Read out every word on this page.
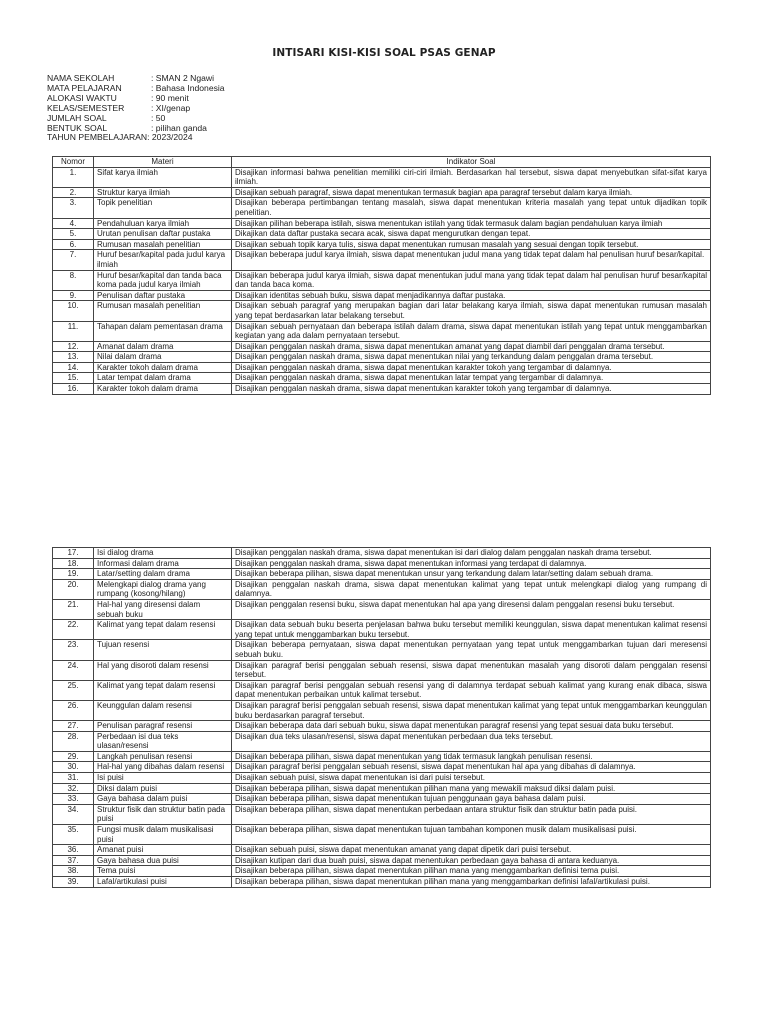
INTISARI KISI-KISI SOAL PSAS GENAP
NAMA SEKOLAH	: SMAN 2 Ngawi
MATA PELAJARAN	: Bahasa Indonesia
ALOKASI WAKTU	: 90 menit
KELAS/SEMESTER	: XI/genap
JUMLAH SOAL	: 50
BENTUK SOAL	: pilihan ganda
TAHUN PEMBELAJARAN: 2023/2024
Nomor	Materi	Indikator Soal
1.	Sifat karya ilmiah	Disajikan informasi bahwa penelitian memiliki ciri-ciri ilmiah. Berdasarkan hal tersebut, siswa dapat menyebutkan sifat-sifat karya ilmiah.
2.	Struktur karya ilmiah	Disajikan sebuah paragraf, siswa dapat menentukan termasuk bagian apa paragraf tersebut dalam karya ilmiah.
3.	Topik penelitian	Disajikan beberapa pertimbangan tentang masalah, siswa dapat menentukan kriteria masalah yang tepat untuk dijadikan topik penelitian.
4.	Pendahuluan karya ilmiah	Disajikan pilihan beberapa istilah, siswa menentukan istilah yang tidak termasuk dalam bagian pendahuluan karya ilmiah
5.	Urutan penulisan daftar pustaka	Dikajikan data daftar pustaka secara acak, siswa dapat mengurutkan dengan tepat.
6.	Rumusan masalah penelitian	Disajikan sebuah topik karya tulis, siswa dapat menentukan rumusan masalah yang sesuai dengan topik tersebut.
7.	Huruf besar/kapital pada judul karya ilmiah	Disajikan beberapa judul karya ilmiah, siswa dapat menentukan judul mana yang tidak tepat dalam hal penulisan huruf besar/kapital.
8.	Huruf besar/kapital dan tanda baca koma pada judul karya ilmiah	Disajikan beberapa judul karya ilmiah, siswa dapat menentukan judul mana yang tidak tepat dalam hal penulisan huruf besar/kapital dan tanda baca koma.
9.	Penulisan daftar pustaka	Disajikan identitas sebuah buku, siswa dapat menjadikannya daftar pustaka.
10.	Rumusan masalah penelitian	Disajikan sebuah paragraf yang merupakan bagian dari latar belakang karya ilmiah, siswa dapat menentukan rumusan masalah yang tepat berdasarkan latar belakang tersebut.
11.	Tahapan dalam pementasan drama	Disajikan sebuah pernyataan dan beberapa istilah dalam drama, siswa dapat menentukan istilah yang tepat untuk menggambarkan kegiatan yang ada dalam pernyataan tersebut.
12.	Amanat dalam drama	Disajikan penggalan naskah drama, siswa dapat menentukan amanat yang dapat diambil dari penggalan drama tersebut.
13.	Nilai dalam drama	Disajikan penggalan naskah drama, siswa dapat menentukan nilai yang terkandung dalam penggalan drama tersebut.
14.	Karakter tokoh dalam drama	Disajikan penggalan naskah drama, siswa dapat menentukan karakter tokoh yang tergambar di dalamnya.
15.	Latar tempat dalam drama	Disajikan penggalan naskah drama, siswa dapat menentukan latar tempat yang tergambar di dalamnya.
16.	Karakter tokoh dalam drama	Disajikan penggalan naskah drama, siswa dapat menentukan karakter tokoh yang tergambar di dalamnya.
17.	Isi dialog drama	Disajikan penggalan naskah drama, siswa dapat menentukan isi dari dialog dalam penggalan naskah drama tersebut.
18.	Informasi dalam drama	Disajikan penggalan naskah drama, siswa dapat menentukan informasi yang terdapat di dalamnya.
19.	Latar/setting dalam drama	Disajikan beberapa pilihan, siswa dapat menentukan unsur yang terkandung dalam latar/setting dalam sebuah drama.
20.	Melengkapi dialog drama yang rumpang (kosong/hilang)	Disajikan penggalan naskah drama, siswa dapat menentukan kalimat yang tepat untuk melengkapi dialog yang rumpang di dalamnya.
21.	Hal-hal yang diresensi dalam sebuah buku	Disajikan penggalan resensi buku, siswa dapat menentukan hal apa yang diresensi dalam penggalan resensi buku tersebut.
22.	Kalimat yang tepat dalam resensi	Disajikan data sebuah buku beserta penjelasan bahwa buku tersebut memiliki keunggulan, siswa dapat menentukan kalimat resensi yang tepat untuk menggambarkan buku tersebut.
23.	Tujuan resensi	Disajikan beberapa pernyataan, siswa dapat menentukan pernyataan yang tepat untuk menggambarkan tujuan dari meresensi sebuah buku.
24.	Hal yang disoroti dalam resensi	Disajikan paragraf berisi penggalan sebuah resensi, siswa dapat menentukan masalah yang disoroti dalam penggalan resensi tersebut.
25.	Kalimat yang tepat dalam resensi	Disajikan paragraf berisi penggalan sebuah resensi yang di dalamnya terdapat sebuah kalimat yang kurang enak dibaca, siswa dapat menentukan perbaikan untuk kalimat tersebut.
26.	Keunggulan dalam resensi	Disajikan paragraf berisi penggalan sebuah resensi, siswa dapat menentukan kalimat yang tepat untuk menggambarkan keunggulan buku berdasarkan paragraf tersebut.
27.	Penulisan paragraf resensi	Disajikan beberapa data dari sebuah buku, siswa dapat menentukan paragraf resensi yang tepat sesuai data buku tersebut.
28.	Perbedaan isi dua teks ulasan/resensi	Disajikan dua teks ulasan/resensi, siswa dapat menentukan perbedaan dua teks tersebut.
29.	Langkah penulisan resensi	Disajikan beberapa pilihan, siswa dapat menentukan yang tidak termasuk langkah penulisan resensi.
30.	Hal-hal yang dibahas dalam resensi	Disajikan paragraf berisi penggalan sebuah resensi, siswa dapat menentukan hal apa yang dibahas di dalamnya.
31.	Isi puisi	Disajikan sebuah puisi, siswa dapat menentukan isi dari puisi tersebut.
32.	Diksi dalam puisi	Disajikan beberapa pilihan, siswa dapat menentukan pilihan mana yang mewakili maksud diksi dalam puisi.
33.	Gaya bahasa dalam puisi	Disajikan beberapa pilihan, siswa dapat menentukan tujuan penggunaan gaya bahasa dalam puisi.
34.	Struktur fisik dan struktur batin pada puisi	Disajikan beberapa pilihan, siswa dapat menentukan perbedaan antara struktur fisik dan struktur batin pada puisi.
35.	Fungsi musik dalam musikalisasi puisi	Disajikan beberapa pilihan, siswa dapat menentukan tujuan tambahan komponen musik dalam musikalisasi puisi.
36.	Amanat puisi	Disajikan sebuah puisi, siswa dapat menentukan amanat yang dapat dipetik dari puisi tersebut.
37.	Gaya bahasa dua puisi	Disajikan kutipan dari dua buah puisi, siswa dapat menentukan perbedaan gaya bahasa di antara keduanya.
38.	Tema puisi	Disajikan beberapa pilihan, siswa dapat menentukan pilihan mana yang menggambarkan definisi tema puisi.
39.	Lafal/artikulasi puisi	Disajikan beberapa pilihan, siswa dapat menentukan pilihan mana yang menggambarkan definisi lafal/artikulasi puisi.
